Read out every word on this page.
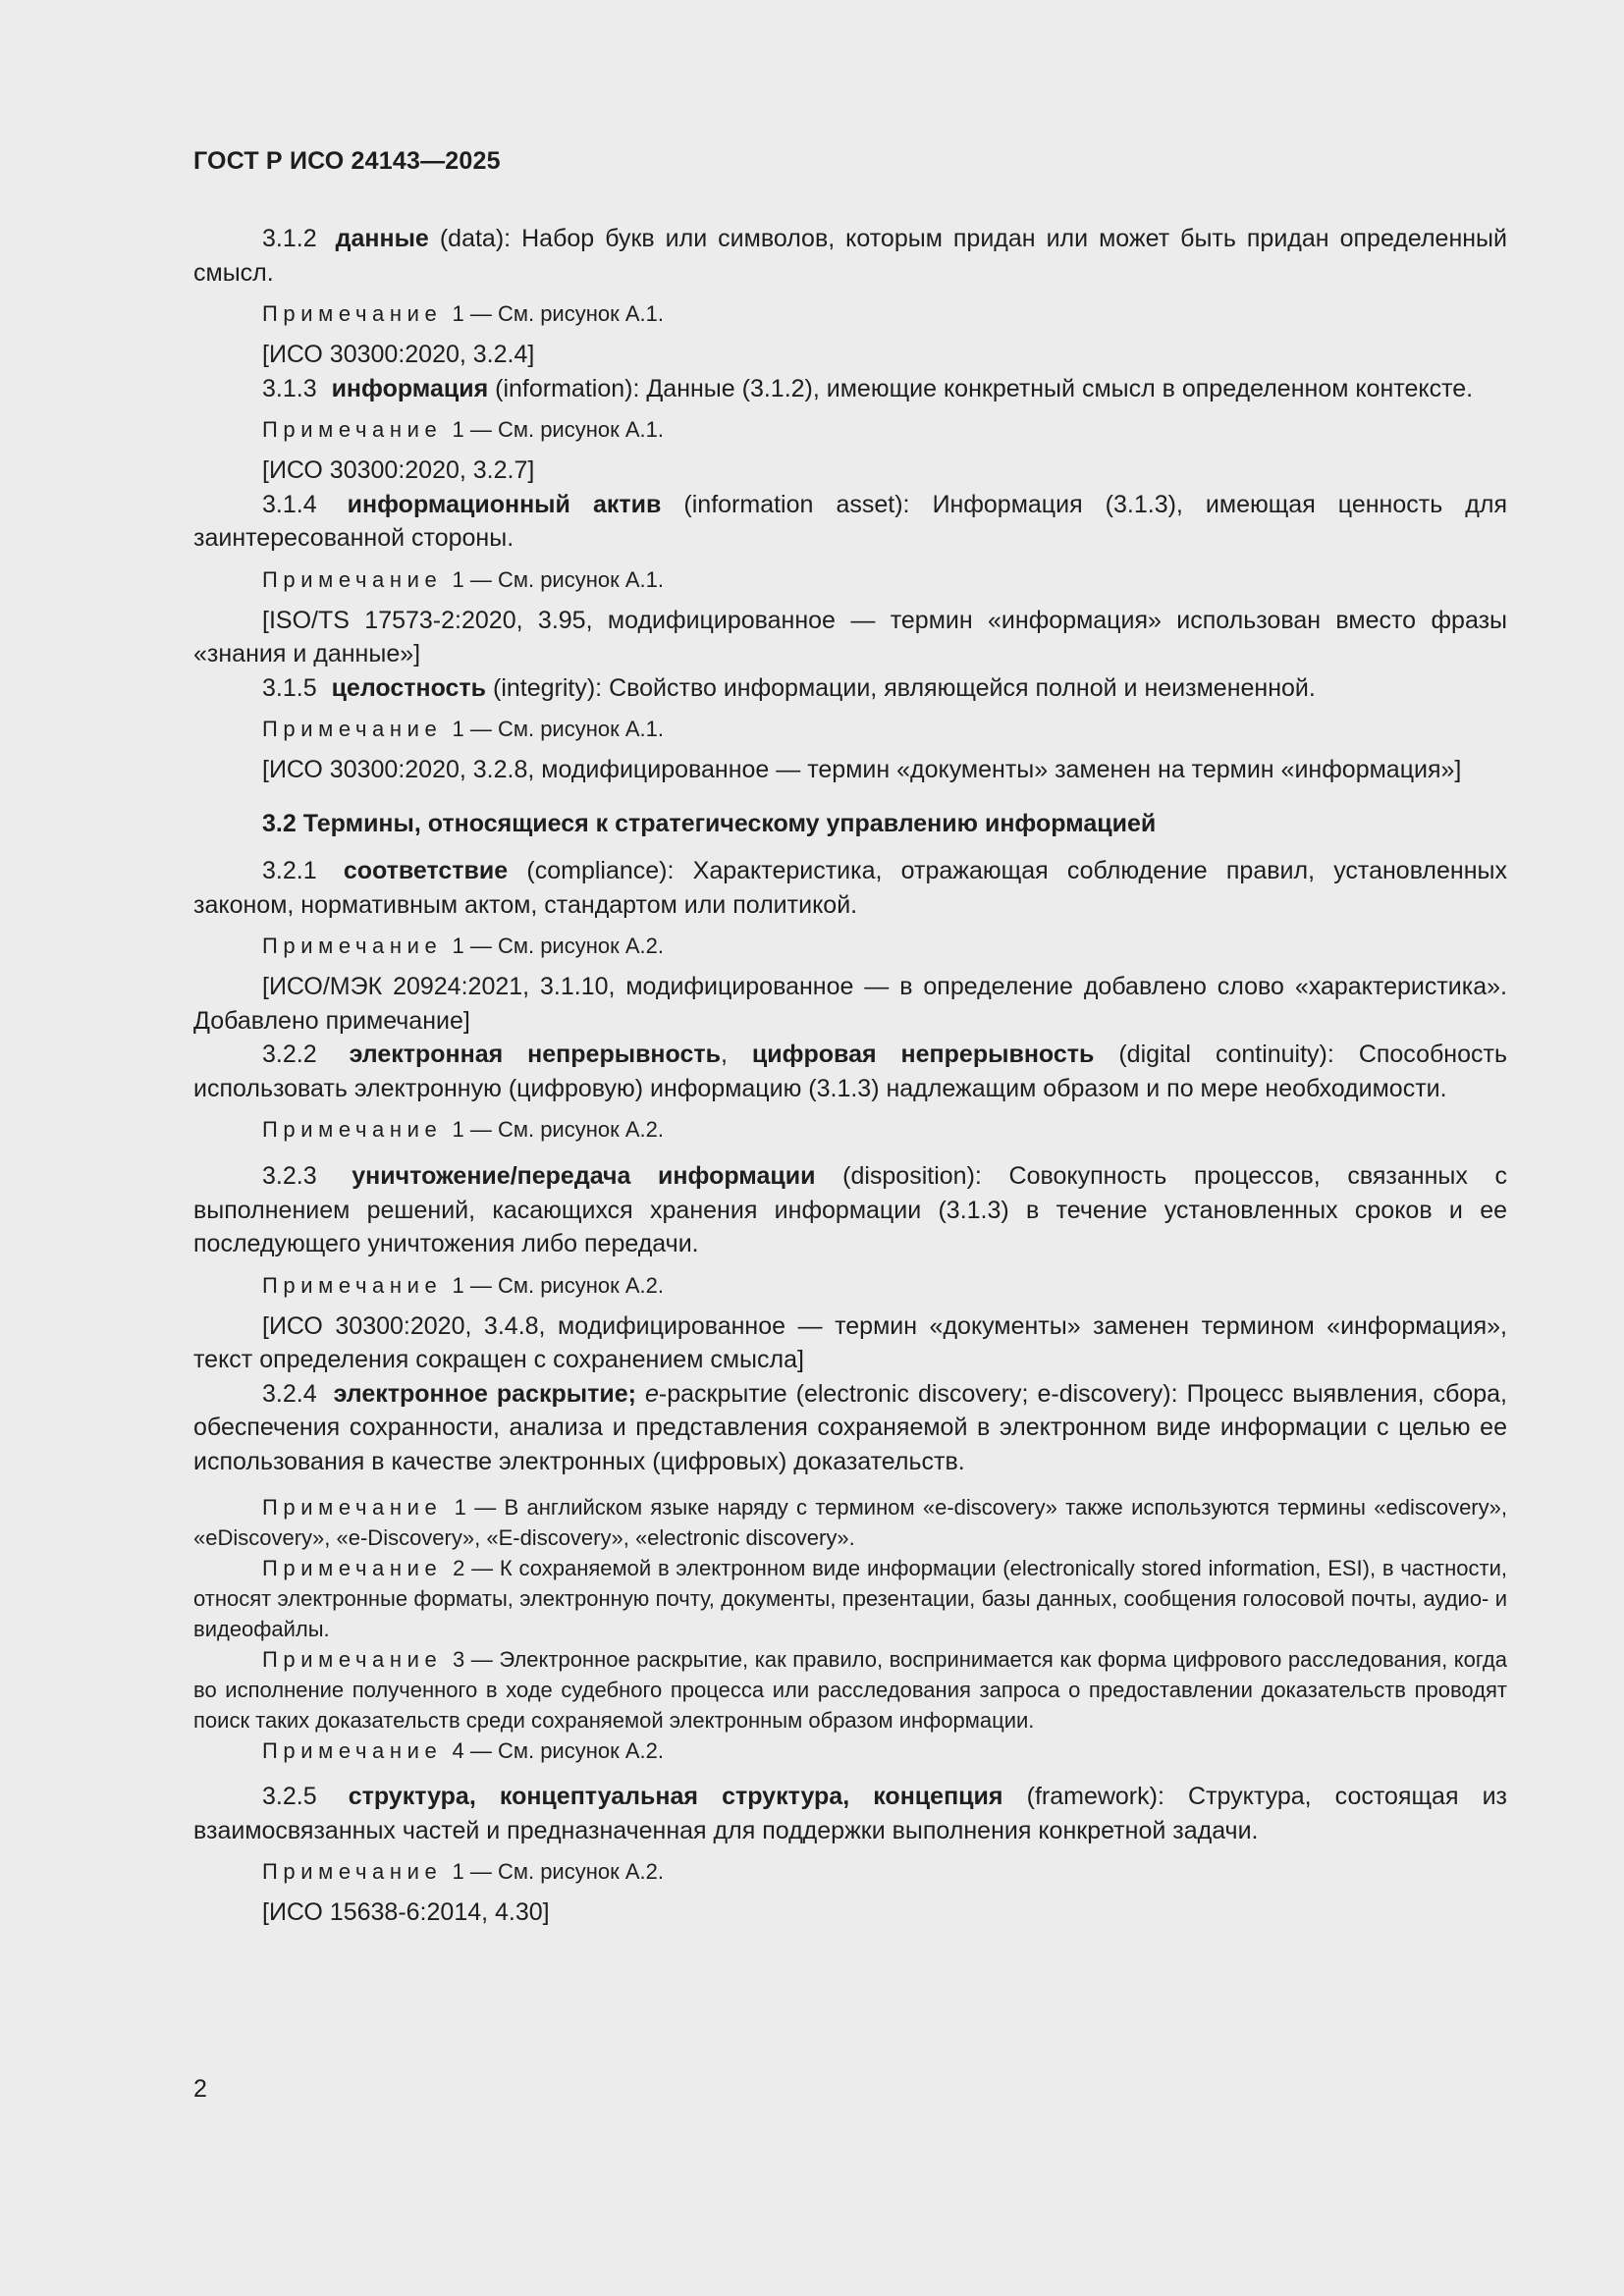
ГОСТ Р ИСО 24143—2025

3.1.2 данные (data): Набор букв или символов, которым придан или может быть придан определенный смысл.

Примечание 1 — См. рисунок А.1.

[ИСО 30300:2020, 3.2.4]

3.1.3 информация (information): Данные (3.1.2), имеющие конкретный смысл в определенном контексте.

Примечание 1 — См. рисунок А.1.

[ИСО 30300:2020, 3.2.7]

3.1.4 информационный актив (information asset): Информация (3.1.3), имеющая ценность для заинтересованной стороны.

Примечание 1 — См. рисунок А.1.

[ISO/TS 17573-2:2020, 3.95, модифицированное — термин «информация» использован вместо фразы «знания и данные»]

3.1.5 целостность (integrity): Свойство информации, являющейся полной и неизмененной.

Примечание 1 — См. рисунок А.1.

[ИСО 30300:2020, 3.2.8, модифицированное — термин «документы» заменен на термин «информация»]

3.2 Термины, относящиеся к стратегическому управлению информацией

3.2.1 соответствие (compliance): Характеристика, отражающая соблюдение правил, установленных законом, нормативным актом, стандартом или политикой.

Примечание 1 — См. рисунок А.2.

[ИСО/МЭК 20924:2021, 3.1.10, модифицированное — в определение добавлено слово «характеристика». Добавлено примечание]

3.2.2 электронная непрерывность, цифровая непрерывность (digital continuity): Способность использовать электронную (цифровую) информацию (3.1.3) надлежащим образом и по мере необходимости.

Примечание 1 — См. рисунок А.2.

3.2.3 уничтожение/передача информации (disposition): Совокупность процессов, связанных с выполнением решений, касающихся хранения информации (3.1.3) в течение установленных сроков и ее последующего уничтожения либо передачи.

Примечание 1 — См. рисунок А.2.

[ИСО 30300:2020, 3.4.8, модифицированное — термин «документы» заменен термином «информация», текст определения сокращен с сохранением смысла]

3.2.4 электронное раскрытие; e-раскрытие (electronic discovery; e-discovery): Процесс выявления, сбора, обеспечения сохранности, анализа и представления сохраняемой в электронном виде информации с целью ее использования в качестве электронных (цифровых) доказательств.

Примечание 1 — В английском языке наряду с термином «e-discovery» также используются термины «ediscovery», «eDiscovery», «e-Discovery», «E-discovery», «electronic discovery».

Примечание 2 — К сохраняемой в электронном виде информации (electronically stored information, ESI), в частности, относят электронные форматы, электронную почту, документы, презентации, базы данных, сообщения голосовой почты, аудио- и видеофайлы.

Примечание 3 — Электронное раскрытие, как правило, воспринимается как форма цифрового расследования, когда во исполнение полученного в ходе судебного процесса или расследования запроса о предоставлении доказательств проводят поиск таких доказательств среди сохраняемой электронным образом информации.

Примечание 4 — См. рисунок А.2.

3.2.5 структура, концептуальная структура, концепция (framework): Структура, состоящая из взаимосвязанных частей и предназначенная для поддержки выполнения конкретной задачи.

Примечание 1 — См. рисунок А.2.

[ИСО 15638-6:2014, 4.30]

2
